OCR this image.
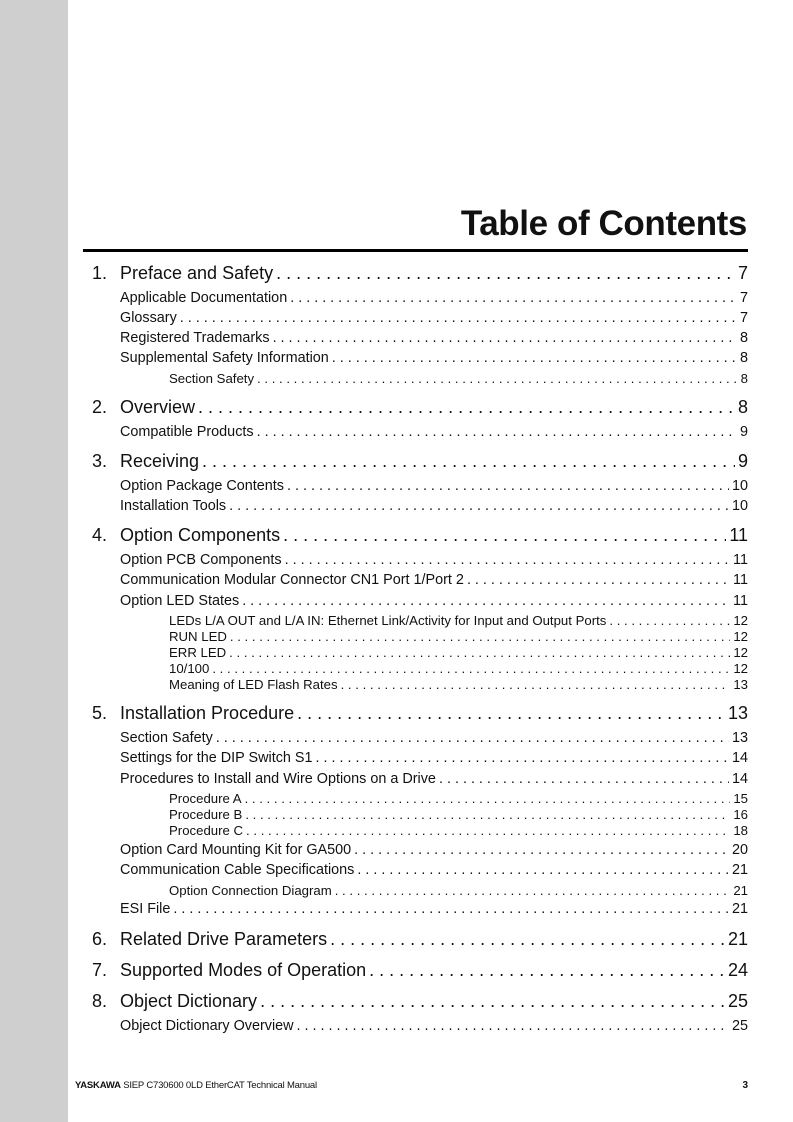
Table of Contents
1. Preface and Safety . . .	7
Applicable Documentation . . .	7
Glossary . . .	7
Registered Trademarks . . .	8
Supplemental Safety Information . . .	8
Section Safety . . .	8
2. Overview . . .	8
Compatible Products . . .	9
3. Receiving . . .	9
Option Package Contents . . .	10
Installation Tools . . .	10
4. Option Components . . .	11
Option PCB Components . . .	11
Communication Modular Connector CN1 Port 1/Port 2 . . .	11
Option LED States . . .	11
LEDs L/A OUT and L/A IN: Ethernet Link/Activity for Input and Output Ports . . .	12
RUN LED . . .	12
ERR LED . . .	12
10/100 . . .	12
Meaning of LED Flash Rates . . .	13
5. Installation Procedure . . .	13
Section Safety . . .	13
Settings for the DIP Switch S1 . . .	14
Procedures to Install and Wire Options on a Drive . . .	14
Procedure A . . .	15
Procedure B . . .	16
Procedure C . . .	18
Option Card Mounting Kit for GA500 . . .	20
Communication Cable Specifications . . .	21
Option Connection Diagram . . .	21
ESI File . . .	21
6. Related Drive Parameters . . .	21
7. Supported Modes of Operation . . .	24
8. Object Dictionary . . .	25
Object Dictionary Overview . . .	25
YASKAWA SIEP C730600 0LD EtherCAT Technical Manual	3
